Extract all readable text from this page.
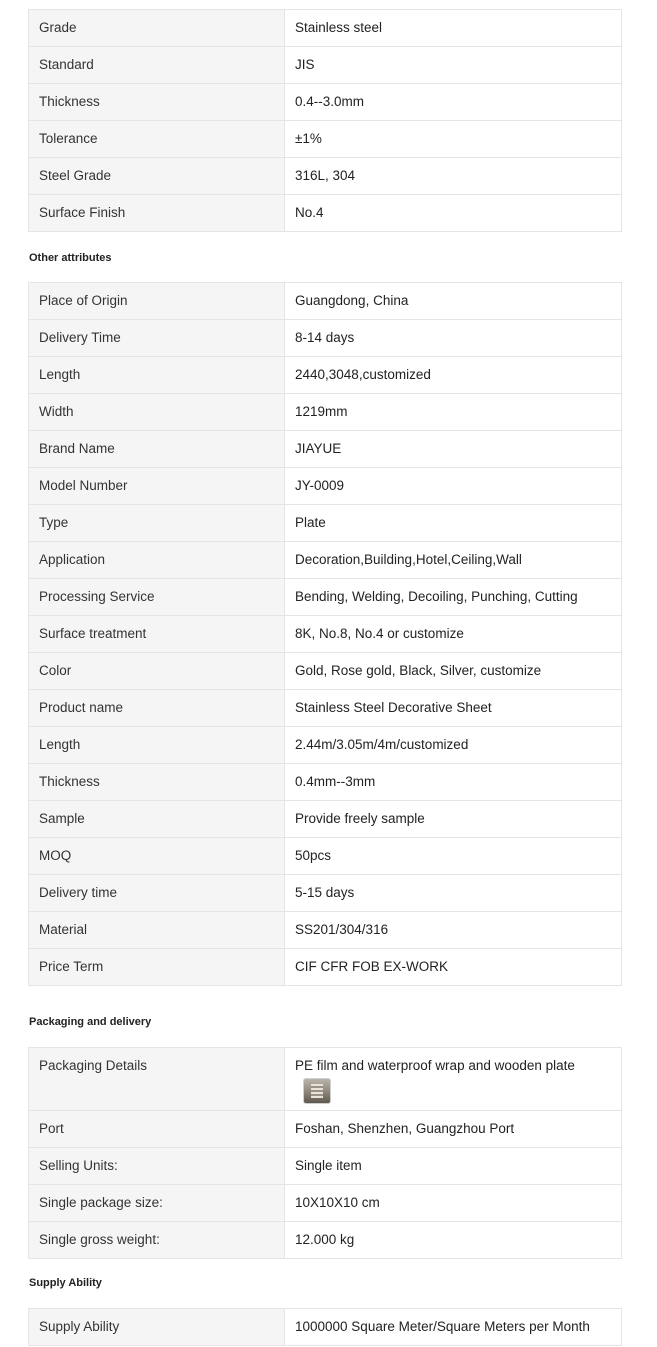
Grade	Stainless steel
Standard	JIS
Thickness	0.4--3.0mm
Tolerance	±1%
Steel Grade	316L, 304
Surface Finish	No.4
Other attributes
Place of Origin	Guangdong, China
Delivery Time	8-14 days
Length	2440,3048,customized
Width	1219mm
Brand Name	JIAYUE
Model Number	JY-0009
Type	Plate
Application	Decoration,Building,Hotel,Ceiling,Wall
Processing Service	Bending, Welding, Decoiling, Punching, Cutting
Surface treatment	8K, No.8, No.4 or customize
Color	Gold, Rose gold, Black, Silver, customize
Product name	Stainless Steel Decorative Sheet
Length	2.44m/3.05m/4m/customized
Thickness	0.4mm--3mm
Sample	Provide freely sample
MOQ	50pcs
Delivery time	5-15 days
Material	SS201/304/316
Price Term	CIF CFR FOB EX-WORK
Packaging and delivery
Packaging Details	PE film and waterproof wrap and wooden plate

Port	Foshan, Shenzhen, Guangzhou Port
Selling Units:	Single item
Single package size:	10X10X10 cm
Single gross weight:	12.000 kg
Supply Ability
Supply Ability	1000000 Square Meter/Square Meters per Month
